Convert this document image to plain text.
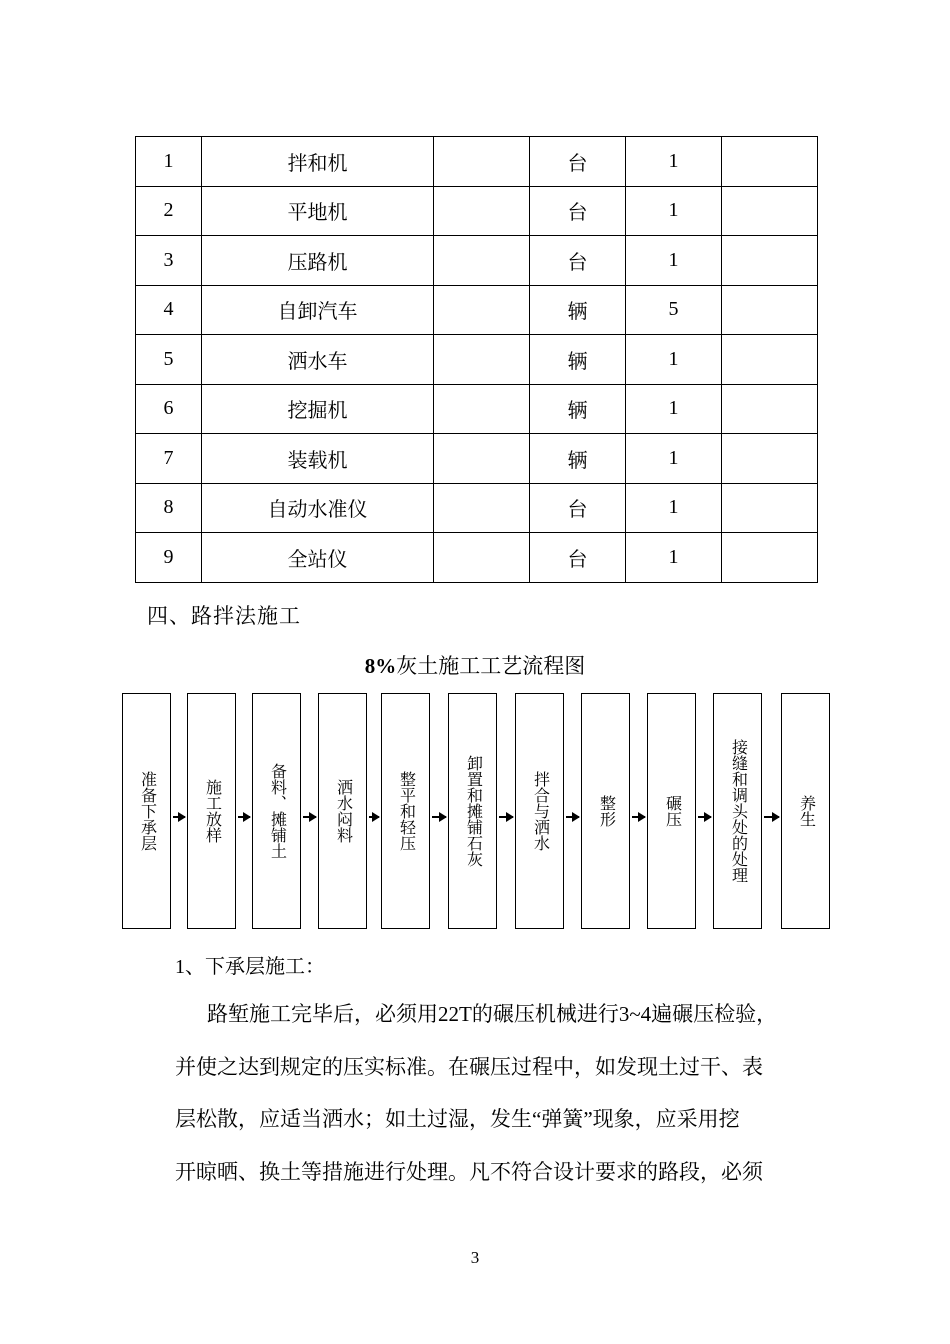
1	拌和机		台	1	
2	平地机		台	1	
3	压路机		台	1	
4	自卸汽车		辆	5	
5	洒水车		辆	1	
6	挖掘机		辆	1	
7	装载机		辆	1	
8	自动水准仪		台	1	
9	全站仪		台	1	
四、路拌法施工
8%灰土施工工艺流程图
准备下承层	施工放样	备料、摊铺土	洒水闷料	整平和轻压	卸置和摊铺石灰	拌合与洒水	整形	碾压	接缝和调头处的处理	养生
1、下承层施工：

路堑施工完毕后，必须用22T的碾压机械进行3~4遍碾压检验，

并使之达到规定的压实标准。在碾压过程中，如发现土过干、表

层松散，应适当洒水；如土过湿，发生“弹簧”现象，应采用挖

开晾晒、换土等措施进行处理。凡不符合设计要求的路段，必须

3
